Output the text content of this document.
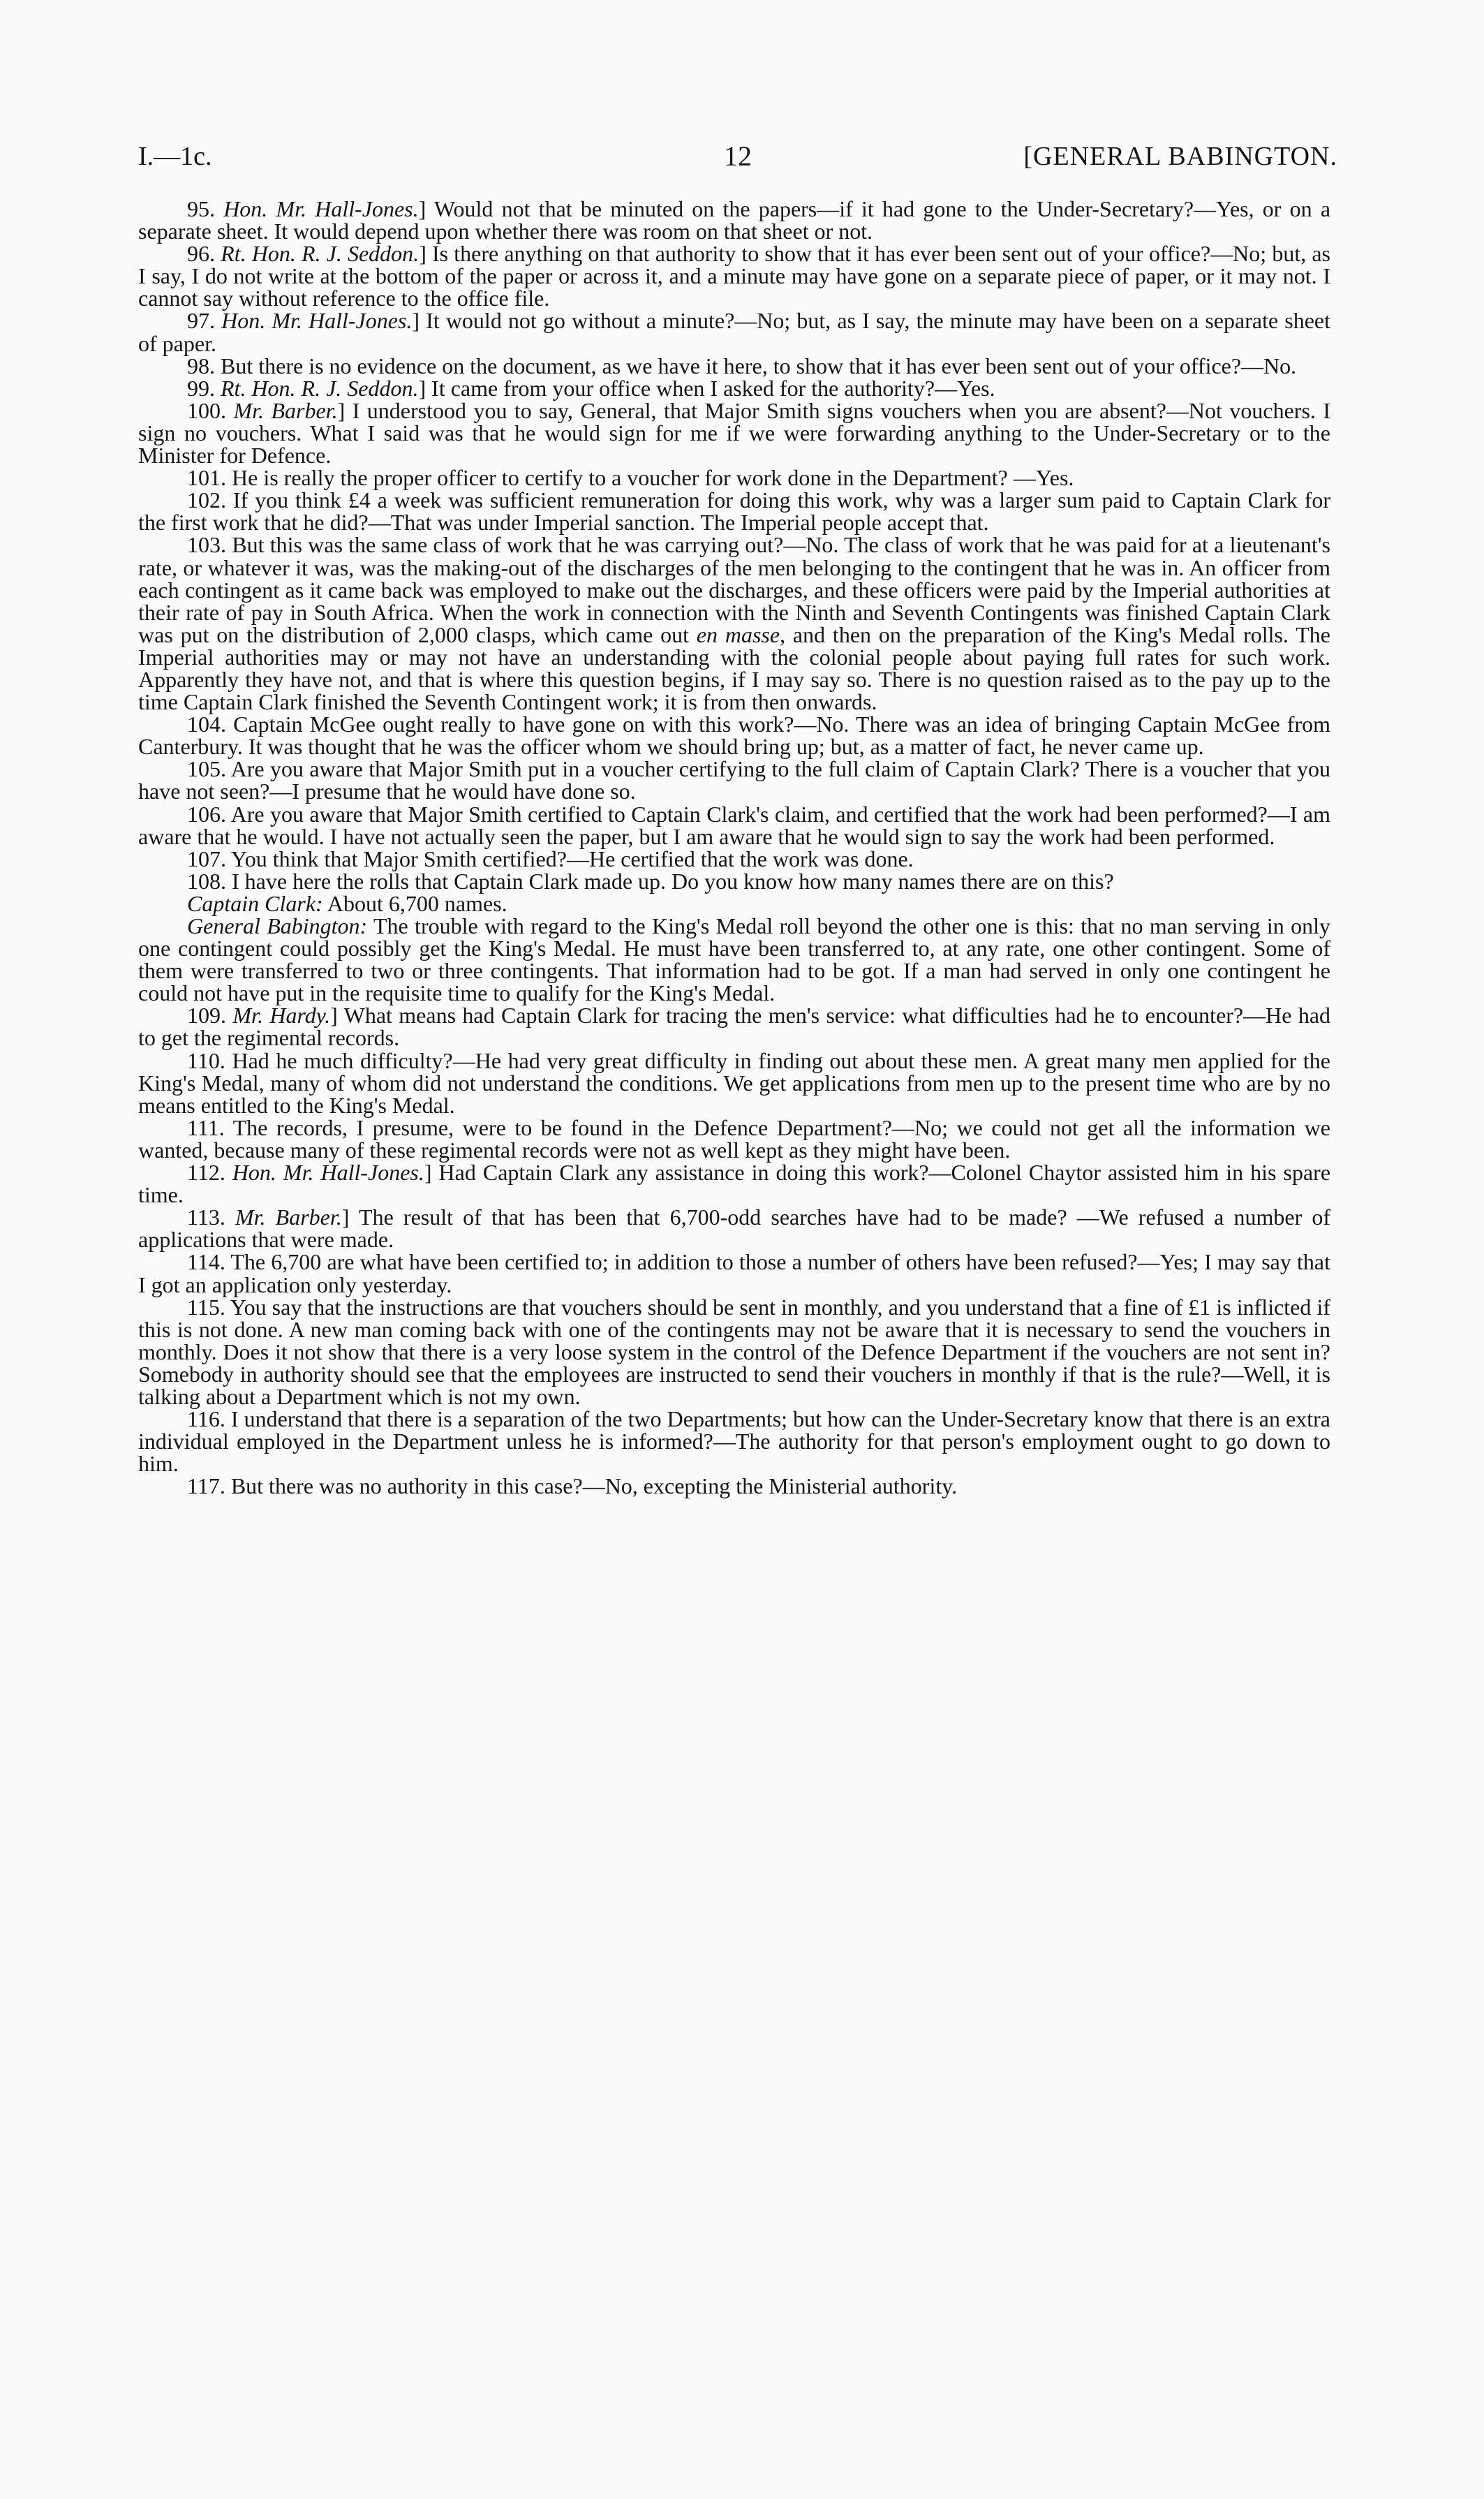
I.—1c.	12	[GENERAL BABINGTON.

95. Hon. Mr. Hall-Jones.] Would not that be minuted on the papers—if it had gone to the Under-Secretary?—Yes, or on a separate sheet. It would depend upon whether there was room on that sheet or not.

96. Rt. Hon. R. J. Seddon.] Is there anything on that authority to show that it has ever been sent out of your office?—No; but, as I say, I do not write at the bottom of the paper or across it, and a minute may have gone on a separate piece of paper, or it may not. I cannot say without reference to the office file.

97. Hon. Mr. Hall-Jones.] It would not go without a minute?—No; but, as I say, the minute may have been on a separate sheet of paper.

98. But there is no evidence on the document, as we have it here, to show that it has ever been sent out of your office?—No.

99. Rt. Hon. R. J. Seddon.] It came from your office when I asked for the authority?—Yes.

100. Mr. Barber.] I understood you to say, General, that Major Smith signs vouchers when you are absent?—Not vouchers. I sign no vouchers. What I said was that he would sign for me if we were forwarding anything to the Under-Secretary or to the Minister for Defence.

101. He is really the proper officer to certify to a voucher for work done in the Department? —Yes.

102. If you think £4 a week was sufficient remuneration for doing this work, why was a larger sum paid to Captain Clark for the first work that he did?—That was under Imperial sanction. The Imperial people accept that.

103. But this was the same class of work that he was carrying out?—No. The class of work that he was paid for at a lieutenant's rate, or whatever it was, was the making-out of the discharges of the men belonging to the contingent that he was in. An officer from each contingent as it came back was employed to make out the discharges, and these officers were paid by the Imperial authorities at their rate of pay in South Africa. When the work in connection with the Ninth and Seventh Contingents was finished Captain Clark was put on the distribution of 2,000 clasps, which came out en masse, and then on the preparation of the King's Medal rolls. The Imperial authorities may or may not have an understanding with the colonial people about paying full rates for such work. Apparently they have not, and that is where this question begins, if I may say so. There is no question raised as to the pay up to the time Captain Clark finished the Seventh Contingent work; it is from then onwards.

104. Captain McGee ought really to have gone on with this work?—No. There was an idea of bringing Captain McGee from Canterbury. It was thought that he was the officer whom we should bring up; but, as a matter of fact, he never came up.

105. Are you aware that Major Smith put in a voucher certifying to the full claim of Captain Clark? There is a voucher that you have not seen?—I presume that he would have done so.

106. Are you aware that Major Smith certified to Captain Clark's claim, and certified that the work had been performed?—I am aware that he would. I have not actually seen the paper, but I am aware that he would sign to say the work had been performed.

107. You think that Major Smith certified?—He certified that the work was done.

108. I have here the rolls that Captain Clark made up. Do you know how many names there are on this?

Captain Clark: About 6,700 names.

General Babington: The trouble with regard to the King's Medal roll beyond the other one is this: that no man serving in only one contingent could possibly get the King's Medal. He must have been transferred to, at any rate, one other contingent. Some of them were transferred to two or three contingents. That information had to be got. If a man had served in only one contingent he could not have put in the requisite time to qualify for the King's Medal.

109. Mr. Hardy.] What means had Captain Clark for tracing the men's service: what difficulties had he to encounter?—He had to get the regimental records.

110. Had he much difficulty?—He had very great difficulty in finding out about these men. A great many men applied for the King's Medal, many of whom did not understand the conditions. We get applications from men up to the present time who are by no means entitled to the King's Medal.

111. The records, I presume, were to be found in the Defence Department?—No; we could not get all the information we wanted, because many of these regimental records were not as well kept as they might have been.

112. Hon. Mr. Hall-Jones.] Had Captain Clark any assistance in doing this work?—Colonel Chaytor assisted him in his spare time.

113. Mr. Barber.] The result of that has been that 6,700-odd searches have had to be made? —We refused a number of applications that were made.

114. The 6,700 are what have been certified to; in addition to those a number of others have been refused?—Yes; I may say that I got an application only yesterday.

115. You say that the instructions are that vouchers should be sent in monthly, and you understand that a fine of £1 is inflicted if this is not done. A new man coming back with one of the contingents may not be aware that it is necessary to send the vouchers in monthly. Does it not show that there is a very loose system in the control of the Defence Department if the vouchers are not sent in? Somebody in authority should see that the employees are instructed to send their vouchers in monthly if that is the rule?—Well, it is talking about a Department which is not my own.

116. I understand that there is a separation of the two Departments; but how can the Under-Secretary know that there is an extra individual employed in the Department unless he is informed?—The authority for that person's employment ought to go down to him.

117. But there was no authority in this case?—No, excepting the Ministerial authority.
